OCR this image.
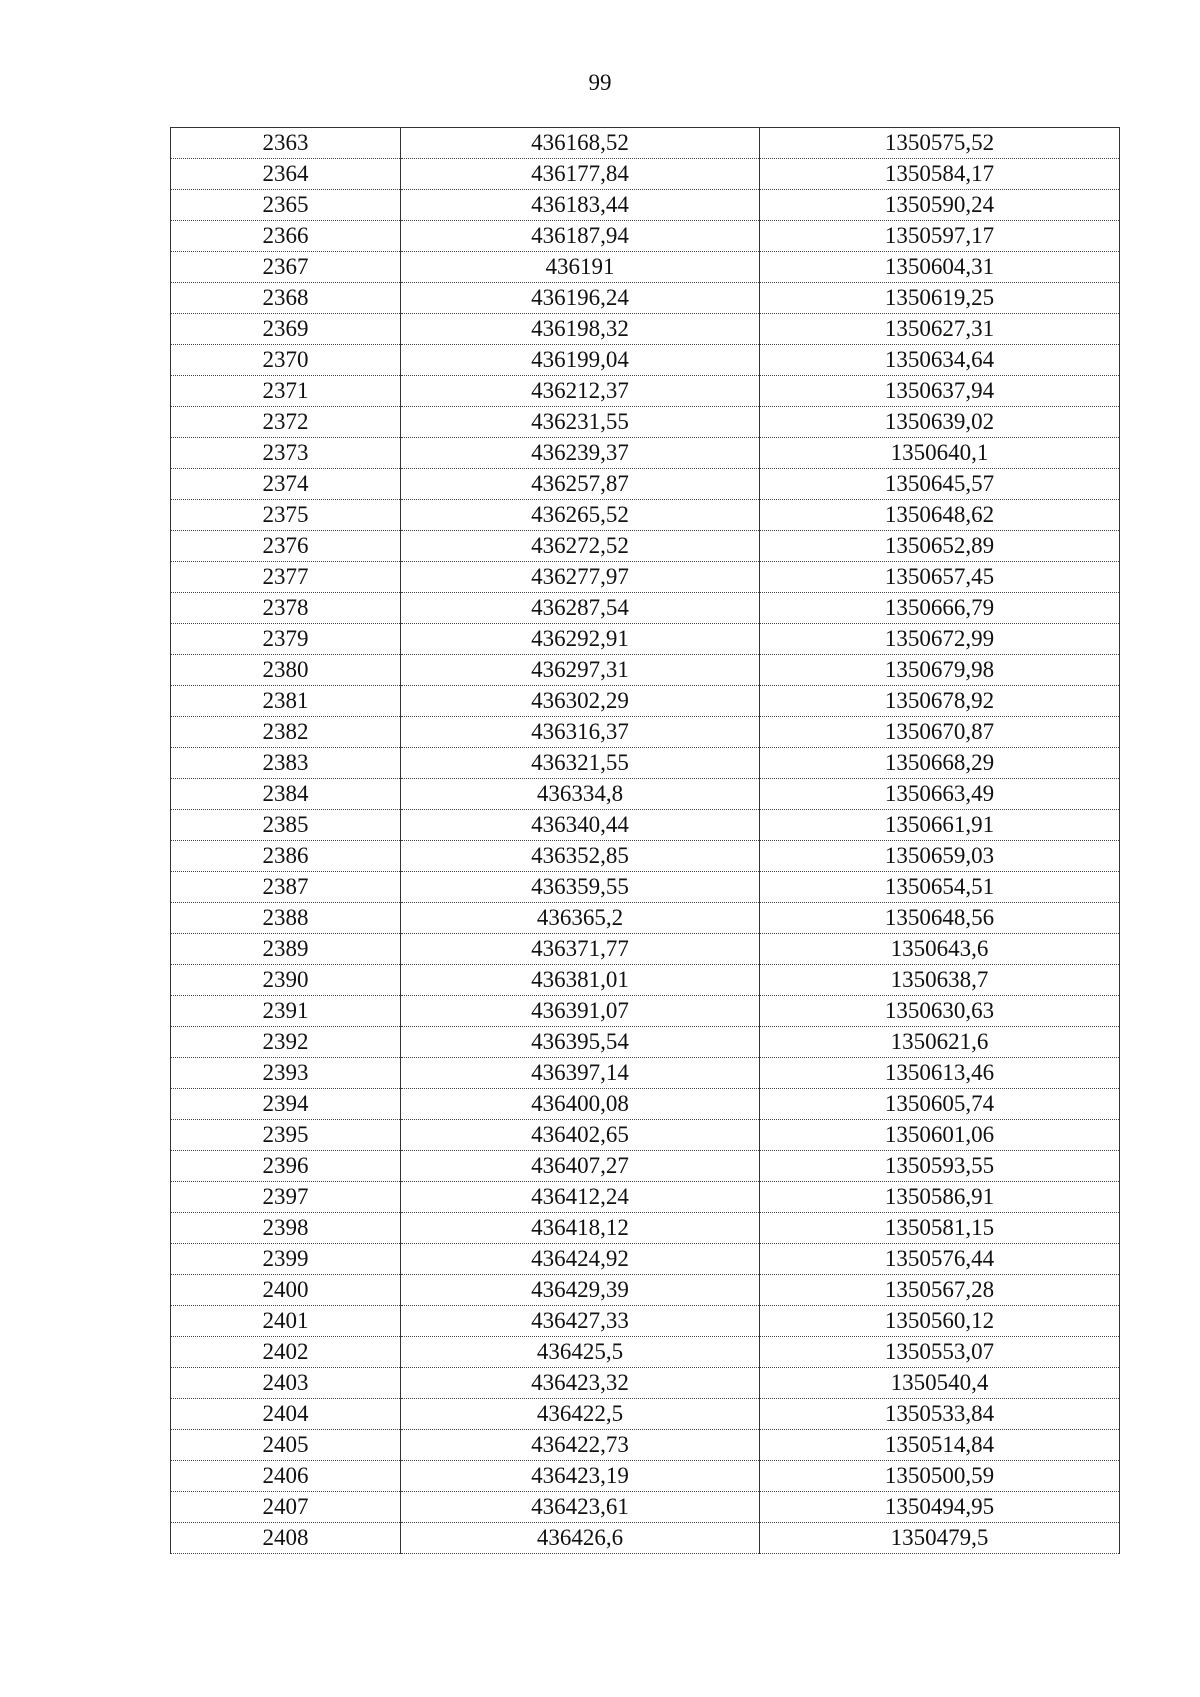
99
2363	436168,52	1350575,52
2364	436177,84	1350584,17
2365	436183,44	1350590,24
2366	436187,94	1350597,17
2367	436191	1350604,31
2368	436196,24	1350619,25
2369	436198,32	1350627,31
2370	436199,04	1350634,64
2371	436212,37	1350637,94
2372	436231,55	1350639,02
2373	436239,37	1350640,1
2374	436257,87	1350645,57
2375	436265,52	1350648,62
2376	436272,52	1350652,89
2377	436277,97	1350657,45
2378	436287,54	1350666,79
2379	436292,91	1350672,99
2380	436297,31	1350679,98
2381	436302,29	1350678,92
2382	436316,37	1350670,87
2383	436321,55	1350668,29
2384	436334,8	1350663,49
2385	436340,44	1350661,91
2386	436352,85	1350659,03
2387	436359,55	1350654,51
2388	436365,2	1350648,56
2389	436371,77	1350643,6
2390	436381,01	1350638,7
2391	436391,07	1350630,63
2392	436395,54	1350621,6
2393	436397,14	1350613,46
2394	436400,08	1350605,74
2395	436402,65	1350601,06
2396	436407,27	1350593,55
2397	436412,24	1350586,91
2398	436418,12	1350581,15
2399	436424,92	1350576,44
2400	436429,39	1350567,28
2401	436427,33	1350560,12
2402	436425,5	1350553,07
2403	436423,32	1350540,4
2404	436422,5	1350533,84
2405	436422,73	1350514,84
2406	436423,19	1350500,59
2407	436423,61	1350494,95
2408	436426,6	1350479,5
